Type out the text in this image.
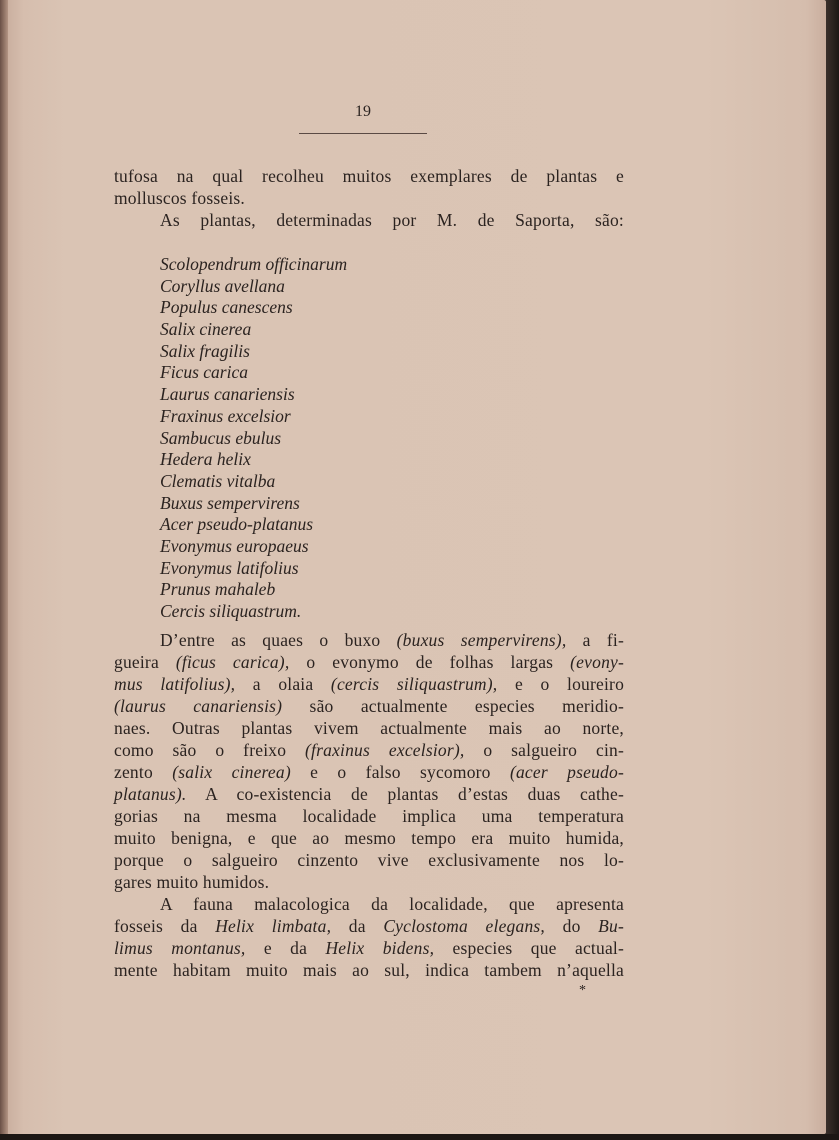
19
tufosa na qual recolheu muitos exemplares de plantas e
molluscos fosseis.
As plantas, determinadas por M. de Saporta, são:
Scolopendrum officinarum
Coryllus avellana
Populus canescens
Salix cinerea
Salix fragilis
Ficus carica
Laurus canariensis
Fraxinus excelsior
Sambucus ebulus
Hedera helix
Clematis vitalba
Buxus sempervirens
Acer pseudo-platanus
Evonymus europaeus
Evonymus latifolius
Prunus mahaleb
Cercis siliquastrum.
D’entre as quaes o buxo (buxus sempervirens), a fi-
gueira (ficus carica), o evonymo de folhas largas (evony-
mus latifolius), a olaia (cercis siliquastrum), e o loureiro
(laurus canariensis) são actualmente especies meridio-
naes. Outras plantas vivem actualmente mais ao norte,
como são o freixo (fraxinus excelsior), o salgueiro cin-
zento (salix cinerea) e o falso sycomoro (acer pseudo-
platanus). A co-existencia de plantas d’estas duas cathe-
gorias na mesma localidade implica uma temperatura
muito benigna, e que ao mesmo tempo era muito humida,
porque o salgueiro cinzento vive exclusivamente nos lo-
gares muito humidos.
A fauna malacologica da localidade, que apresenta
fosseis da Helix limbata, da Cyclostoma elegans, do Bu-
limus montanus, e da Helix bidens, especies que actual-
mente habitam muito mais ao sul, indica tambem n’aquella
*
